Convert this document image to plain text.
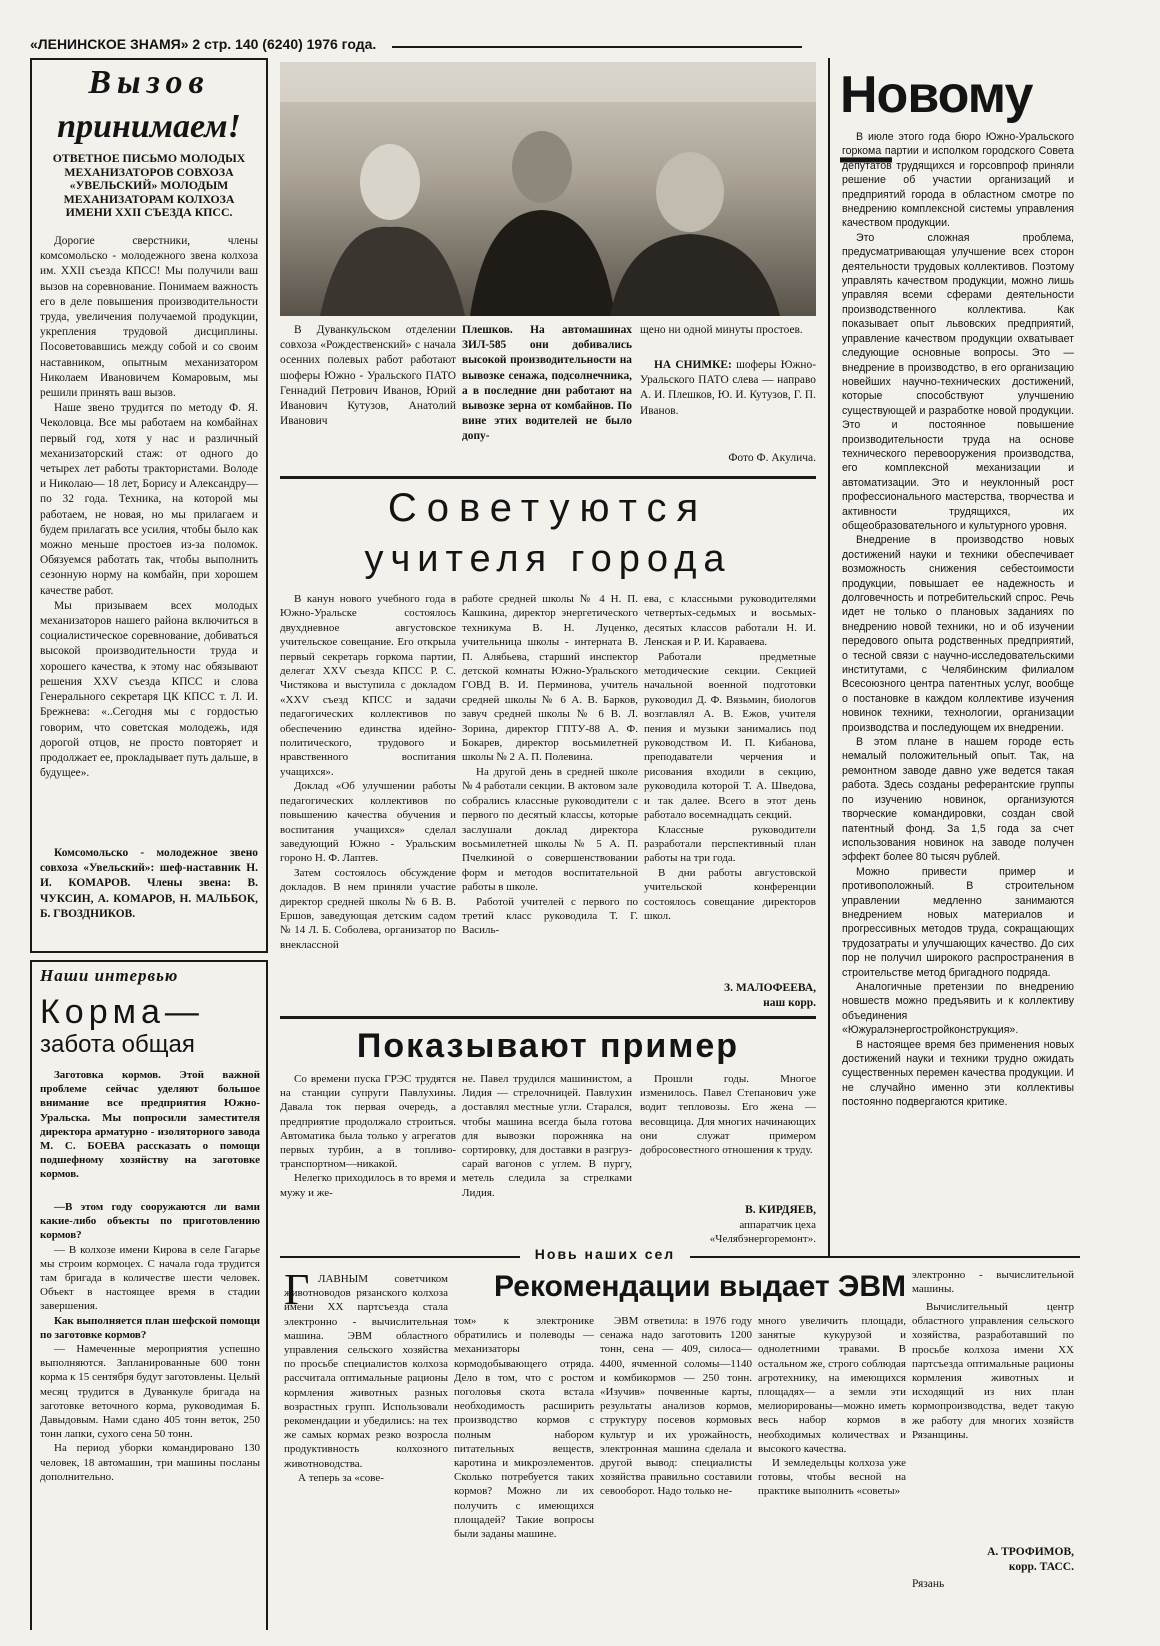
«ЛЕНИНСКОЕ ЗНАМЯ» 2 стр. 140 (6240) 1976 года.
Вызов
принимаем!
ОТВЕТНОЕ ПИСЬМО МОЛОДЫХ МЕХАНИЗАТОРОВ СОВХОЗА «УВЕЛЬСКИЙ» МОЛОДЫМ МЕХАНИЗАТОРАМ КОЛХОЗА ИМЕНИ XXII СЪЕЗДА КПСС.

Дорогие сверстники, члены комсомольско - молодежного звена колхоза им. XXII съезда КПСС! Мы получили ваш вызов на соревнование. Понимаем важность его в деле повышения производительности труда, увеличения получаемой продукции, укрепления трудовой дисциплины. Посоветовавшись между собой и со своим наставником, опытным механизатором Николаем Ивановичем Комаровым, мы решили принять ваш вызов.

Наше звено трудится по методу Ф. Я. Чеколовца. Все мы работаем на комбайнах первый год, хотя у нас и различный механизаторский стаж: от одного до четырех лет работы трактористами. Володе и Николаю— 18 лет, Борису и Александру— по 32 года. Техника, на которой мы работаем, не новая, но мы прилагаем и будем прилагать все усилия, чтобы было как можно меньше простоев из-за поломок. Обязуемся работать так, чтобы выполнить сезонную норму на комбайн, при хорошем качестве работ.

Мы призываем всех молодых механизаторов нашего района включиться в социалистическое соревнование, добиваться высокой производительности труда и хорошего качества, к этому нас обязывают решения XXV съезда КПСС и слова Генерального секретаря ЦК КПСС т. Л. И. Брежнева: «..Сегодня мы с гордостью говорим, что советская молодежь, идя дорогой отцов, не просто повторяет и продолжает ее, прокладывает путь дальше, в будущее».

Комсомольско - молодежное звено совхоза «Увельский»: шеф-наставник Н. И. КОМАРОВ. Члены звена: В. ЧУКСИН, А. КОМАРОВ, Н. МАЛЬБОК, Б. ГВОЗДНИКОВ.

В Дуванкульском отделении совхоза «Рождественский» с начала осенних полевых работ работают шоферы Южно - Уральского ПАТО Геннадий Петрович Иванов, Юрий Иванович Кутузов, Анатолий Иванович

Плешков. На автомашинах ЗИЛ-585 они добивались высокой производительности на вывозке сенажа, подсолнечника, а в последние дни работают на вывозке зерна от комбайнов. По вине этих водителей не было допу-

щено ни одной минуты простоев.

НА СНИМКЕ: шоферы Южно-Уральского ПАТО слева — направо А. И. Плешков, Ю. И. Кутузов, Г. П. Иванов.

Фото Ф. Акулича.
Новому—

В июле этого года бюро Южно-Уральского горкома партии и исполком городского Совета депутатов трудящихся и горсовпроф приняли решение об участии организаций и предприятий города в областном смотре по внедрению комплексной системы управления качеством продукции.

Это сложная проблема, предусматривающая улучшение всех сторон деятельности трудовых коллективов. Поэтому управлять качеством продукции, можно лишь управляя всеми сферами деятельности производственного коллектива. Как показывает опыт львовских предприятий, управление качеством продукции охватывает следующие основные вопросы. Это — внедрение в производство, в его организацию новейших научно-технических достижений, которые способствуют улучшению существующей и разработке новой продукции. Это и постоянное повышение производительности труда на основе технического перевооружения производства, его комплексной механизации и автоматизации. Это и неуклонный рост профессионального мастерства, творчества и активности трудящихся, их общеобразовательного и культурного уровня.

Внедрение в производство новых достижений науки и техники обеспечивает возможность снижения себестоимости продукции, повышает ее надежность и долговечность и потребительский спрос. Речь идет не только о плановых заданиях по внедрению новой техники, но и об изучении передового опыта родственных предприятий, о тесной связи с научно-исследовательскими институтами, с Челябинским филиалом Всесоюзного центра патентных услуг, вообще о постановке в каждом коллективе изучения новинок техники, технологии, организации производства и последующем их внедрении.

В этом плане в нашем городе есть немалый положительный опыт. Так, на ремонтном заводе давно уже ведется такая работа. Здесь созданы реферантские группы по изучению новинок, организуются творческие командировки, создан свой патентный фонд. За 1,5 года за счет использования новинок на заводе получен эффект более 80 тысяч рублей.

Можно привести пример и противоположный. В строительном управлении медленно занимаются внедрением новых материалов и прогрессивных методов труда, сокращающих трудозатраты и улучшающих качество. До сих пор не получил широкого распространения в строительстве метод бригадного подряда.

Аналогичные претензии по внедрению новшеств можно предъявить и к коллективу объединения «Южуралэнергостройконструкция».

В настоящее время без применения новых достижений науки и техники трудно ожидать существенных перемен качества продукции. И не случайно именно эти коллективы постоянно подвергаются критике.

Советуются
учителя города

В канун нового учебного года в Южно-Уральске состоялось двухдневное августовское учительское совещание. Его открыла первый секретарь горкома партии, делегат XXV съезда КПСС Р. С. Чистякова и выступила с докладом «XXV съезд КПСС и задачи педагогических коллективов по обеспечению единства идейно-политического, трудового и нравственного воспитания учащихся».

Доклад «Об улучшении работы педагогических коллективов по повышению качества обучения и воспитания учащихся» сделал заведующий Южно - Уральским гороно Н. Ф. Лаптев.

Затем состоялось обсуждение докладов. В нем приняли участие директор средней школы № 6 В. В. Ершов, заведующая детским садом № 14 Л. Б. Соболева, организатор по внеклассной

работе средней школы № 4 Н. П. Кашкина, директор энергетического техникума В. Н. Луценко, учительница школы - интерната В. П. Алябьева, старший инспектор детской комнаты Южно-Уральского ГОВД В. И. Перминова, учитель средней школы № 6 А. В. Барков, завуч средней школы № 6 В. Л. Зорина, директор ГПТУ-88 А. Ф. Бокарев, директор восьмилетней школы № 2 А. П. Полевина.

На другой день в средней школе № 4 работали секции. В актовом зале собрались классные руководители с первого по десятый классы, которые заслушали доклад директора восьмилетней школы № 5 А. П. Пчелкиной о совершенствовании форм и методов воспитательной работы в школе.

Работой учителей с первого по третий класс руководила Т. Г. Василь-

ева, с классными руководителями четвертых-седьмых и восьмых-десятых классов работали Н. И. Ленская и Р. И. Караваева.

Работали предметные методические секции. Секцией начальной военной подготовки руководил Д. Ф. Вязьмин, биологов возглавлял А. В. Ежов, учителя пения и музыки занимались под руководством И. П. Кибанова, преподаватели черчения и рисования входили в секцию, руководила которой Т. А. Шведова, и так далее. Всего в этот день работало восемнадцать секций.

Классные руководители разработали перспективный план работы на три года.

В дни работы августовской учительской конференции состоялось совещание директоров школ.

З. МАЛОФЕЕВА,
наш корр.
Наши интервью
Корма—
забота общая

Заготовка кормов. Этой важной проблеме сейчас уделяют большое внимание все предприятия Южно-Уральска. Мы попросили заместителя директора арматурно - изоляторного завода М. С. БОЕВА рассказать о помощи подшефному хозяйству на заготовке кормов.

—В этом году сооружаются ли вами какие-либо объекты по приготовлению кормов?

— В колхозе имени Кирова в селе Гагарье мы строим кормоцех. С начала года трудится там бригада в количестве шести человек. Объект в настоящее время в стадии завершения.

Как выполняется план шефской помощи по заготовке кормов?

— Намеченные мероприятия успешно выполняются. Запланированные 600 тонн корма к 15 сентября будут заготовлены. Целый месяц трудится в Дуванкуле бригада на заготовке веточного корма, руководимая Б. Давыдовым. Нами сдано 405 тонн веток, 250 тонн лапки, сухого сена 50 тонн.

На период уборки командировано 130 человек, 18 автомашин, три машины посланы дополнительно.

Показывают пример

Со времени пуска ГРЭС трудятся на станции супруги Павлухины. Давала ток первая очередь, а предприятие продолжало строиться. Автоматика была только у агрегатов первых турбин, а в топливо-транспортном—никакой.

Нелегко приходилось в то время и мужу и же-

не. Павел трудился машинистом, а Лидия — стрелочницей. Павлухин доставлял местные угли. Старался, чтобы машина всегда была готова для вывозки порожняка на сортировку, для доставки в разгруз-сарай вагонов с углем. В пургу, метель следила за стрелками Лидия.

Прошли годы. Многое изменилось. Павел Степанович уже водит тепловозы. Его жена — весовщица. Для многих начинающих они служат примером добросовестного отношения к труду.

В. КИРДЯЕВ,
аппаратчик цеха «Челябэнергоремонт».
Новь наших сел
Рекомендации выдает ЭВМ
Г ЛАВНЫМ советчиком животноводов рязанского колхоза имени XX партсъезда стала электронно - вычислительная машина. ЭВМ областного управления сельского хозяйства по просьбе специалистов колхоза рассчитала оптимальные рационы кормления животных разных возрастных групп. Использовали рекомендации и убедились: на тех же самых кормах резко возросла продуктивность колхозного животноводства.

А теперь за «сове-

том» к электронике обратились и полеводы — механизаторы кормодобывающего отряда. Дело в том, что с ростом поголовья скота встала необходимость расширить производство кормов с полным набором питательных веществ, каротина и микроэлементов. Сколько потребуется таких кормов? Можно ли их получить с имеющихся площадей? Такие вопросы были заданы машине.

ЭВМ ответила: в 1976 году сенажа надо заготовить 1200 тонн, сена — 409, силоса—4400, ячменной соломы—1140 и комбикормов — 250 тонн. «Изучив» почвенные карты, результаты анализов кормов, структуру посевов кормовых культур и их урожайность, электронная машина сделала и другой вывод: специалисты хозяйства правильно составили севооборот. Надо только не-

много увеличить площади, занятые кукурузой и однолетними травами. В остальном же, строго соблюдая агротехнику, на имеющихся площадях— а земли эти мелиорированы—можно иметь весь набор кормов в необходимых количествах и высокого качества.

И земледельцы колхоза уже готовы, чтобы весной на практике выполнить «советы»

электронно - вычислительной машины.

Вычислительный центр областного управления сельского хозяйства, разработавший по просьбе колхоза имени XX партсъезда оптимальные рационы кормления животных и исходящий из них план кормопроизводства, ведет такую же работу для многих хозяйств Рязанщины.

А. ТРОФИМОВ,
корр. ТАСС.
Рязань
